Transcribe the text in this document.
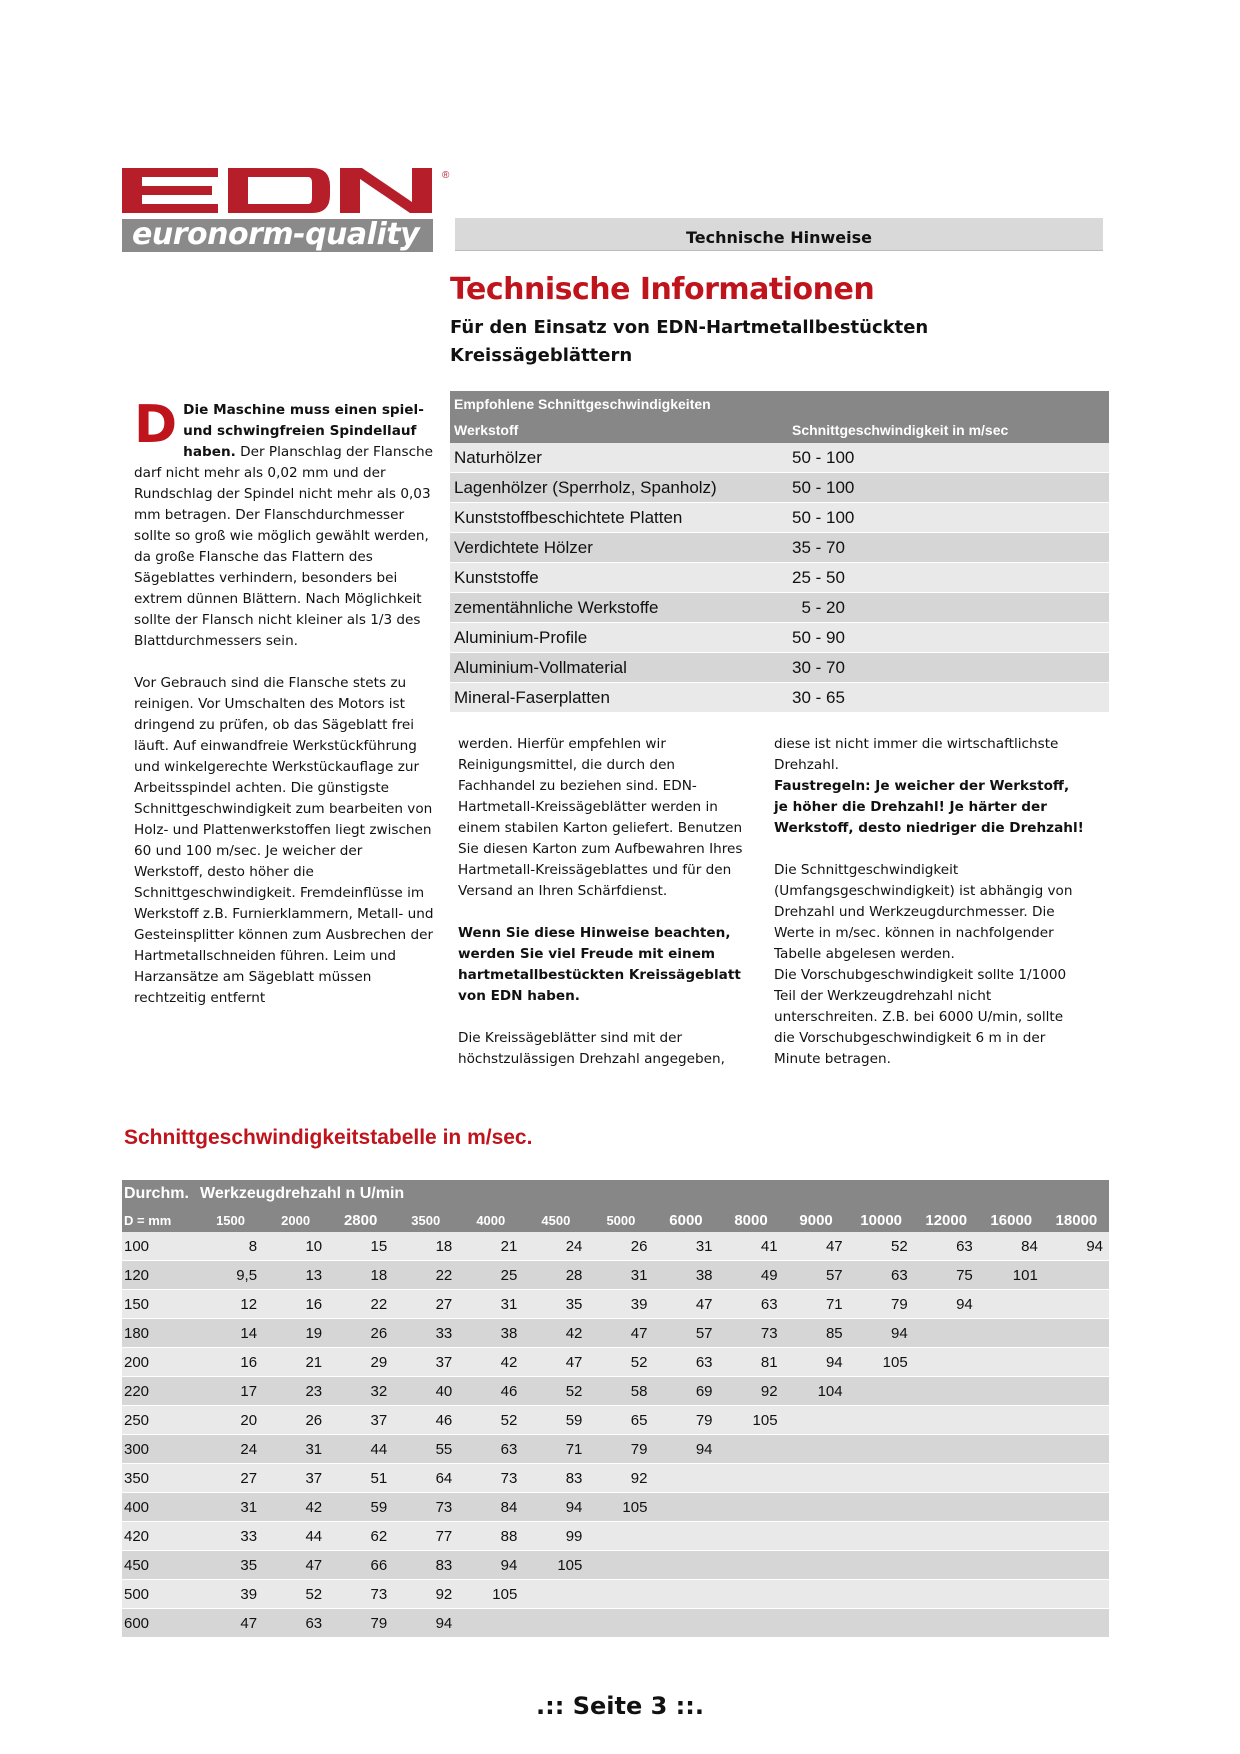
®
euronorm-quality	Technische Hinweise
Technische Informationen
Für den Einsatz von EDN-Hartmetallbestückten Kreissägeblättern

D Die Maschine muss einen spiel- und schwingfreien Spindellauf haben. Der Planschlag der Flansche darf nicht mehr als 0,02 mm und der Rundschlag der Spindel nicht mehr als 0,03 mm betragen. Der Flanschdurchmesser sollte so groß wie möglich gewählt werden, da große Flansche das Flattern des Sägeblattes verhindern, besonders bei extrem dünnen Blättern. Nach Möglichkeit sollte der Flansch nicht kleiner als 1/3 des Blattdurchmessers sein.

Vor Gebrauch sind die Flansche stets zu reinigen. Vor Umschalten des Motors ist dringend zu prüfen, ob das Sägeblatt frei läuft. Auf einwandfreie Werkstückführung und winkelgerechte Werkstückauflage zur Arbeitsspindel achten. Die günstigste Schnittgeschwindigkeit zum bearbeiten von Holz- und Plattenwerkstoffen liegt zwischen 60 und 100 m/sec. Je weicher der Werkstoff, desto höher die Schnittgeschwindigkeit. Fremdeinflüsse im Werkstoff z.B. Furnierklammern, Metall- und Gesteinsplitter können zum Ausbrechen der Hartmetallschneiden führen. Leim und Harzansätze am Sägeblatt müssen rechtzeitig entfernt

Empfohlene Schnittgeschwindigkeiten	
Werkstoff	Schnittgeschwindigkeit in m/sec
Naturhölzer	50 - 100
Lagenhölzer (Sperrholz, Spanholz)	50 - 100
Kunststoffbeschichtete Platten	50 - 100
Verdichtete Hölzer	35 - 70
Kunststoffe	25 - 50
zementähnliche Werkstoffe	5 - 20
Aluminium-Profile	50 - 90
Aluminium-Vollmaterial	30 - 70
Mineral-Faserplatten	30 - 65

werden. Hierfür empfehlen wir Reinigungsmittel, die durch den Fachhandel zu beziehen sind. EDN-Hartmetall-Kreissägeblätter werden in einem stabilen Karton geliefert. Benutzen Sie diesen Karton zum Aufbewahren Ihres Hartmetall-Kreissägeblattes und für den Versand an Ihren Schärfdienst.

Wenn Sie diese Hinweise beachten, werden Sie viel Freude mit einem hartmetallbestückten Kreissägeblatt von EDN haben.

Die Kreissägeblätter sind mit der höchstzulässigen Drehzahl angegeben,

diese ist nicht immer die wirtschaftlichste Drehzahl.
Faustregeln: Je weicher der Werkstoff, je höher die Drehzahl! Je härter der Werkstoff, desto niedriger die Drehzahl!

Die Schnittgeschwindigkeit (Umfangsgeschwindigkeit) ist abhängig von Drehzahl und Werkzeugdurchmesser. Die Werte in m/sec. können in nachfolgender Tabelle abgelesen werden.
Die Vorschubgeschwindigkeit sollte 1/1000 Teil der Werkzeugdrehzahl nicht unterschreiten. Z.B. bei 6000 U/min, sollte die Vorschubgeschwindigkeit 6 m in der Minute betragen.

Schnittgeschwindigkeitstabelle in m/sec.
Durchm.	Werkzeugdrehzahl n U/min													
D = mm	1500	2000	2800	3500	4000	4500	5000	6000	8000	9000	10000	12000	16000	18000
100	8	10	15	18	21	24	26	31	41	47	52	63	84	94
120	9,5	13	18	22	25	28	31	38	49	57	63	75	101	
150	12	16	22	27	31	35	39	47	63	71	79	94		
180	14	19	26	33	38	42	47	57	73	85	94			
200	16	21	29	37	42	47	52	63	81	94	105			
220	17	23	32	40	46	52	58	69	92	104				
250	20	26	37	46	52	59	65	79	105					
300	24	31	44	55	63	71	79	94						
350	27	37	51	64	73	83	92							
400	31	42	59	73	84	94	105							
420	33	44	62	77	88	99								
450	35	47	66	83	94	105								
500	39	52	73	92	105									
600	47	63	79	94										
.:: Seite 3 ::.
